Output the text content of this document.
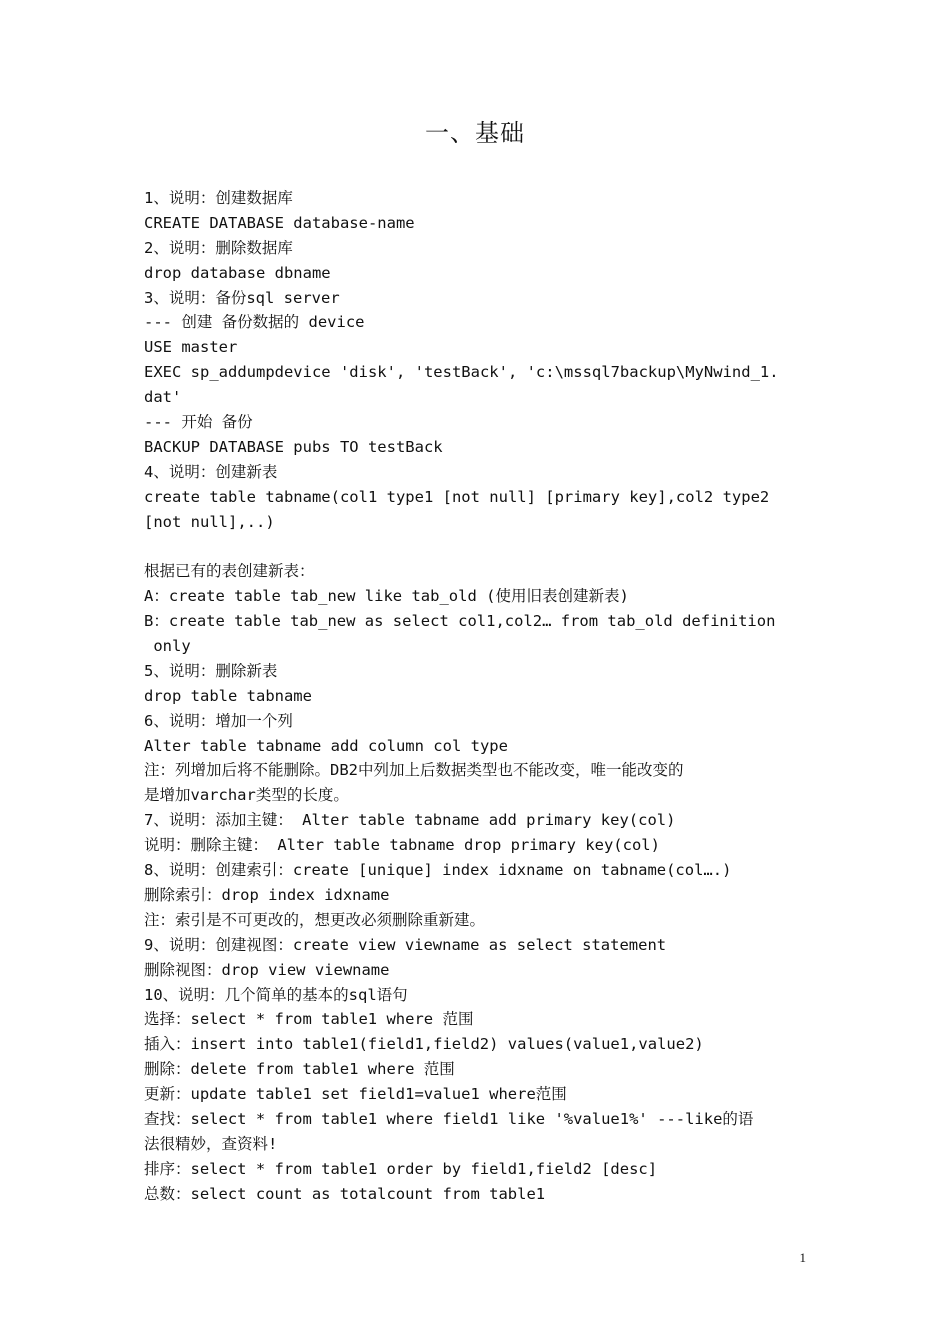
一、基础
1、说明：创建数据库
CREATE DATABASE database-name
2、说明：删除数据库
drop database dbname
3、说明：备份sql server
--- 创建 备份数据的 device
USE master
EXEC sp_addumpdevice 'disk', 'testBack', 'c:\mssql7backup\MyNwind_1.
dat'
--- 开始 备份
BACKUP DATABASE pubs TO testBack
4、说明：创建新表
create table tabname(col1 type1 [not null] [primary key],col2 type2
[not null],..)
根据已有的表创建新表：
A：create table tab_new like tab_old (使用旧表创建新表)
B：create table tab_new as select col1,col2… from tab_old definition
only
5、说明：删除新表
drop table tabname
6、说明：增加一个列
Alter table tabname add column col type
注：列增加后将不能删除。DB2中列加上后数据类型也不能改变，唯一能改变的
是增加varchar类型的长度。
7、说明：添加主键： Alter table tabname add primary key(col)
说明：删除主键： Alter table tabname drop primary key(col)
8、说明：创建索引：create [unique] index idxname on tabname(col….)
删除索引：drop index idxname
注：索引是不可更改的，想更改必须删除重新建。
9、说明：创建视图：create view viewname as select statement
删除视图：drop view viewname
10、说明：几个简单的基本的sql语句
选择：select * from table1 where 范围
插入：insert into table1(field1,field2) values(value1,value2)
删除：delete from table1 where 范围
更新：update table1 set field1=value1 where范围
查找：select * from table1 where field1 like '%value1%' ---like的语
法很精妙，查资料!
排序：select * from table1 order by field1,field2 [desc]
总数：select count as totalcount from table1
1
